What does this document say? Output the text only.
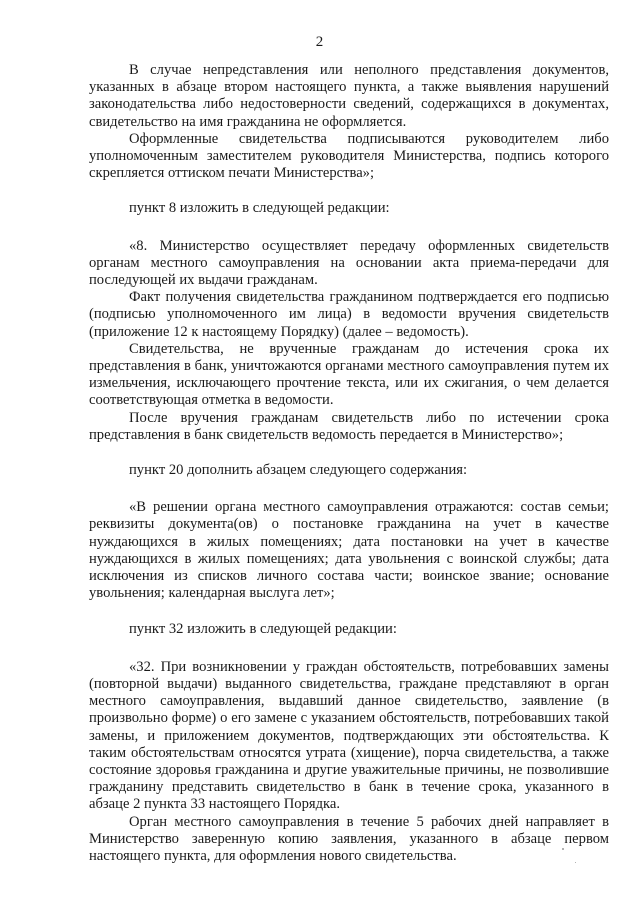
2

В случае непредставления или неполного представления документов, указанных в абзаце втором настоящего пункта, а также выявления нарушений законодательства либо недостоверности сведений, содержащихся в документах, свидетельство на имя гражданина не оформляется.

Оформленные свидетельства подписываются руководителем либо уполномоченным заместителем руководителя Министерства, подпись которого скрепляется оттиском печати Министерства»;

пункт 8 изложить в следующей редакции:

«8. Министерство осуществляет передачу оформленных свидетельств органам местного самоуправления на основании акта приема-передачи для последующей их выдачи гражданам.

Факт получения свидетельства гражданином подтверждается его подписью (подписью уполномоченного им лица) в ведомости вручения свидетельств (приложение 12 к настоящему Порядку) (далее – ведомость).

Свидетельства, не врученные гражданам до истечения срока их представления в банк, уничтожаются органами местного самоуправления путем их измельчения, исключающего прочтение текста, или их сжигания, о чем делается соответствующая отметка в ведомости.

После вручения гражданам свидетельств либо по истечении срока представления в банк свидетельств ведомость передается в Министерство»;

пункт 20 дополнить абзацем следующего содержания:

«В решении органа местного самоуправления отражаются: состав семьи; реквизиты документа(ов) о постановке гражданина на учет в качестве нуждающихся в жилых помещениях; дата постановки на учет в качестве нуждающихся в жилых помещениях; дата увольнения с воинской службы; дата исключения из списков личного состава части; воинское звание; основание увольнения; календарная выслуга лет»;

пункт 32 изложить в следующей редакции:

«32. При возникновении у граждан обстоятельств, потребовавших замены (повторной выдачи) выданного свидетельства, граждане представляют в орган местного самоуправления, выдавший данное свидетельство, заявление (в произвольно форме) о его замене с указанием обстоятельств, потребовавших такой замены, и приложением документов, подтверждающих эти обстоятельства. К таким обстоятельствам относятся утрата (хищение), порча свидетельства, а также состояние здоровья гражданина и другие уважительные причины, не позволившие гражданину представить свидетельство в банк в течение срока, указанного в абзаце 2 пункта 33 настоящего Порядка.

Орган местного самоуправления в течение 5 рабочих дней направляет в Министерство заверенную копию заявления, указанного в абзаце первом настоящего пункта, для оформления нового свидетельства.
